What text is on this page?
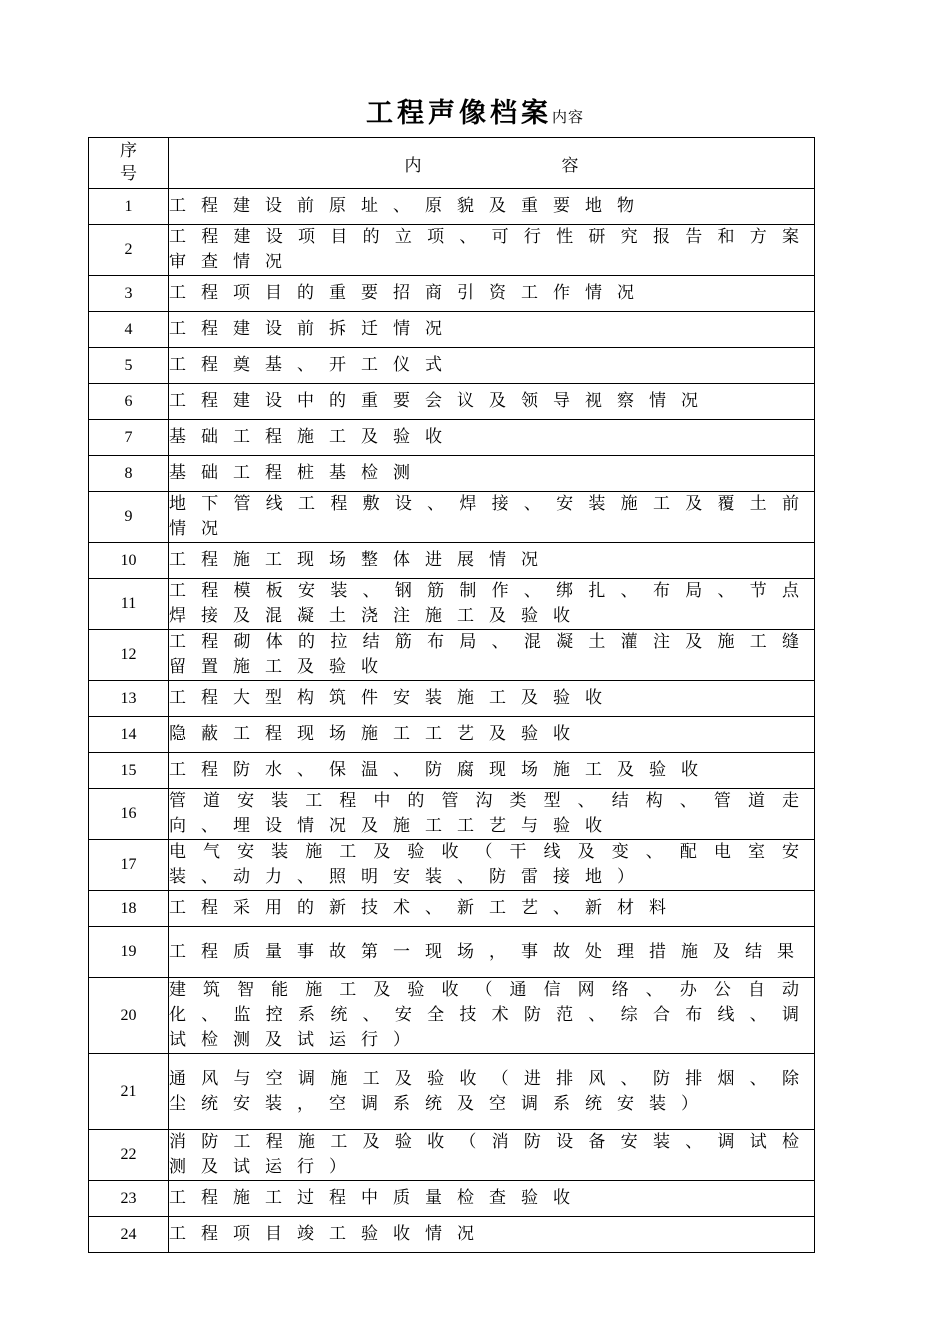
工程声像档案内容
序号	内 容
1	工程建设前原址、原貌及重要地物
2	工程建设项目的立项、可行性研究报告和方案审查情况
3	工程项目的重要招商引资工作情况
4	工程建设前拆迁情况
5	工程奠基、开工仪式
6	工程建设中的重要会议及领导视察情况
7	基础工程施工及验收
8	基础工程桩基检测
9	地下管线工程敷设、焊接、安装施工及覆土前情况
10	工程施工现场整体进展情况
11	工程模板安装、钢筋制作、绑扎、布局、节点焊接及混凝土浇注施工及验收
12	工程砌体的拉结筋布局、混凝土灌注及施工缝留置施工及验收
13	工程大型构筑件安装施工及验收
14	隐蔽工程现场施工工艺及验收
15	工程防水、保温、防腐现场施工及验收
16	管道安装工程中的管沟类型、结构、管道走向、埋设情况及施工工艺与验收
17	电气安装施工及验收（干线及变、配电室安装、动力、照明安装、防雷接地）
18	工程采用的新技术、新工艺、新材料
19	工程质量事故第一现场，事故处理措施及结果
20	建筑智能施工及验收（通信网络、办公自动化、监控系统、安全技术防范、综合布线、调试检测及试运行）
21	通风与空调施工及验收（进排风、防排烟、除尘统安装，空调系统及空调系统安装）
22	消防工程施工及验收（消防设备安装、调试检测及试运行）
23	工程施工过程中质量检查验收
24	工程项目竣工验收情况
